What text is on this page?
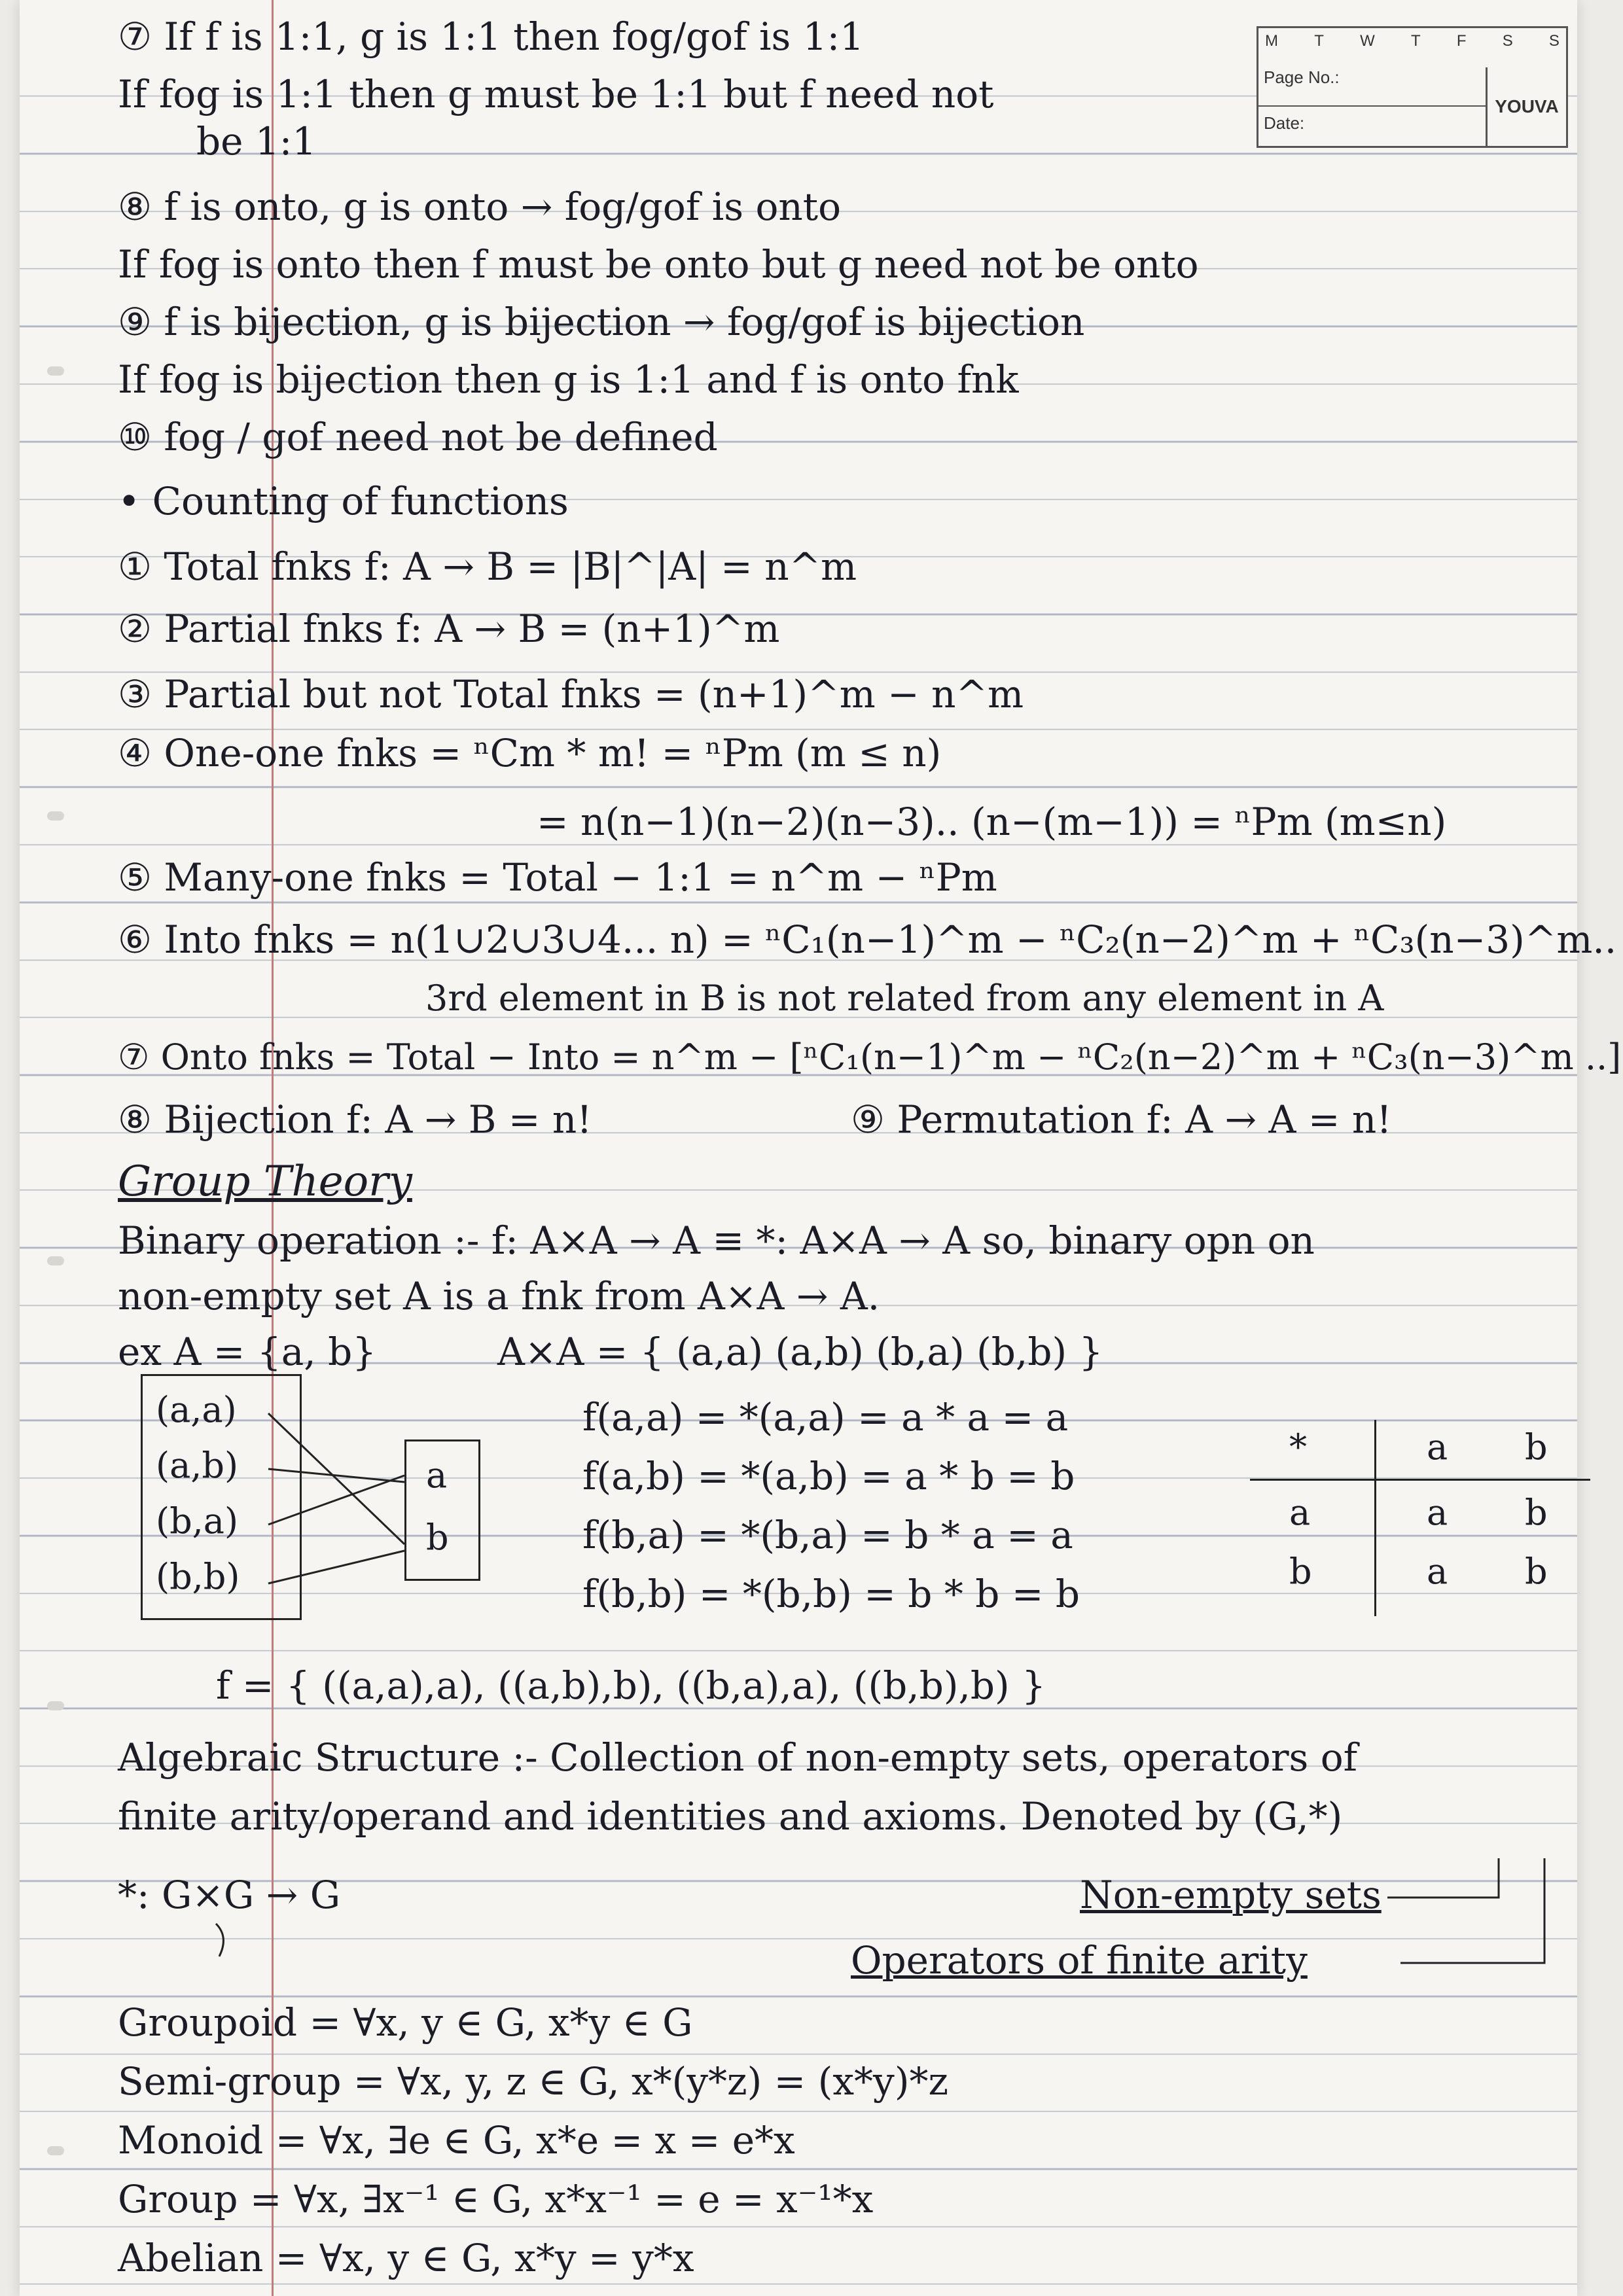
M T W T F S S
Page No.:
Date:
YOUVA
⑦ If f is 1:1, g is 1:1 then fog/gof is 1:1
If fog is 1:1 then g must be 1:1 but f need not
be 1:1
⑧ f is onto, g is onto → fog/gof is onto
If fog is onto then f must be onto but g need not be onto
⑨ f is bijection, g is bijection → fog/gof is bijection
If fog is bijection then g is 1:1 and f is onto fnk
⑩ fog / gof need not be defined
• Counting of functions
① Total fnks f: A → B = |B|^|A| = n^m
② Partial fnks f: A → B = (n+1)^m
③ Partial but not Total fnks = (n+1)^m − n^m
④ One-one fnks = ⁿCm * m! = ⁿPm (m ≤ n)
= n(n−1)(n−2)(n−3).. (n−(m−1)) = ⁿPm (m≤n)
⑤ Many-one fnks = Total − 1:1 = n^m − ⁿPm
⑥ Into fnks = n(1∪2∪3∪4... n) = ⁿC₁(n−1)^m − ⁿC₂(n−2)^m + ⁿC₃(n−3)^m..
3rd element in B is not related from any element in A
⑦ Onto fnks = Total − Into = n^m − [ⁿC₁(n−1)^m − ⁿC₂(n−2)^m + ⁿC₃(n−3)^m ..]
⑧ Bijection f: A → B = n!	⑨ Permutation f: A → A = n!
Group Theory
Binary operation :- f: A×A → A ≡ *: A×A → A so, binary opn on
non-empty set A is a fnk from A×A → A.
ex A = {a, b}	A×A = { (a,a) (a,b) (b,a) (b,b) }
f(a,a) = *(a,a) = a * a = a
f(a,b) = *(a,b) = a * b = b
f(b,a) = *(b,a) = b * a = a
f(b,b) = *(b,b) = b * b = b
(a,a)
(a,b)
(b,a)
(b,b)
a
b
*	a b
a	a b
b	a b
f = { ((a,a),a), ((a,b),b), ((b,a),a), ((b,b),b) }
Algebraic Structure :- Collection of non-empty sets, operators of
finite arity/operand and identities and axioms. Denoted by (G,*)
*: G×G → G	Non-empty sets
Operators of finite arity
Groupoid = ∀x, y ∈ G, x*y ∈ G
Semi-group = ∀x, y, z ∈ G, x*(y*z) = (x*y)*z
Monoid = ∀x, ∃e ∈ G, x*e = x = e*x
Group = ∀x, ∃x⁻¹ ∈ G, x*x⁻¹ = e = x⁻¹*x
Abelian = ∀x, y ∈ G, x*y = y*x
